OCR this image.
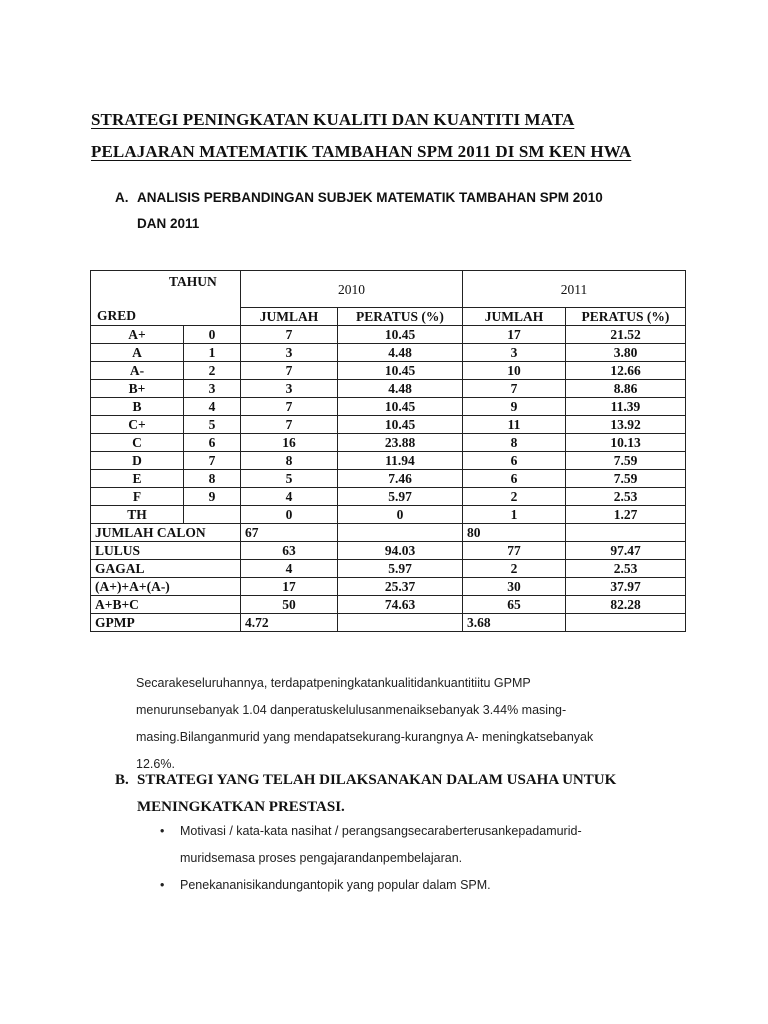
STRATEGI PENINGKATAN KUALITI DAN KUANTITI MATA
PELAJARAN MATEMATIK TAMBAHAN SPM 2011 DI SM KEN HWA
A. ANALISIS PERBANDINGAN SUBJEK MATEMATIK TAMBAHAN SPM 2010
DAN 2011
TAHUN
GRED		2010		2011	
		JUMLAH	PERATUS (%)	JUMLAH	PERATUS (%)
A+	0	7	10.45	17	21.52
A	1	3	4.48	3	3.80
A-	2	7	10.45	10	12.66
B+	3	3	4.48	7	8.86
B	4	7	10.45	9	11.39
C+	5	7	10.45	11	13.92
C	6	16	23.88	8	10.13
D	7	8	11.94	6	7.59
E	8	5	7.46	6	7.59
F	9	4	5.97	2	2.53
TH		0	0	1	1.27
JUMLAH CALON		67		80	
LULUS		63	94.03	77	97.47
GAGAL		4	5.97	2	2.53
(A+)+A+(A-)		17	25.37	30	37.97
A+B+C		50	74.63	65	82.28
GPMP		4.72		3.68	
Secarakeseluruhannya, terdapatpeningkatankualitidankuantitiitu GPMP
menurunsebanyak 1.04 danperatuskelulusanmenaiksebanyak 3.44% masing-
masing.Bilanganmurid yang mendapatsekurang-kurangnya A- meningkatsebanyak
12.6%.
B. STRATEGI YANG TELAH DILAKSANAKAN DALAM USAHA UNTUK
MENINGKATKAN PRESTASI.
• Motivasi / kata-kata nasihat / perangsangsecaraberterusankepadamurid-
muridsemasa proses pengajarandanpembelajaran.
• Penekananisikandungantopik yang popular dalam SPM.
